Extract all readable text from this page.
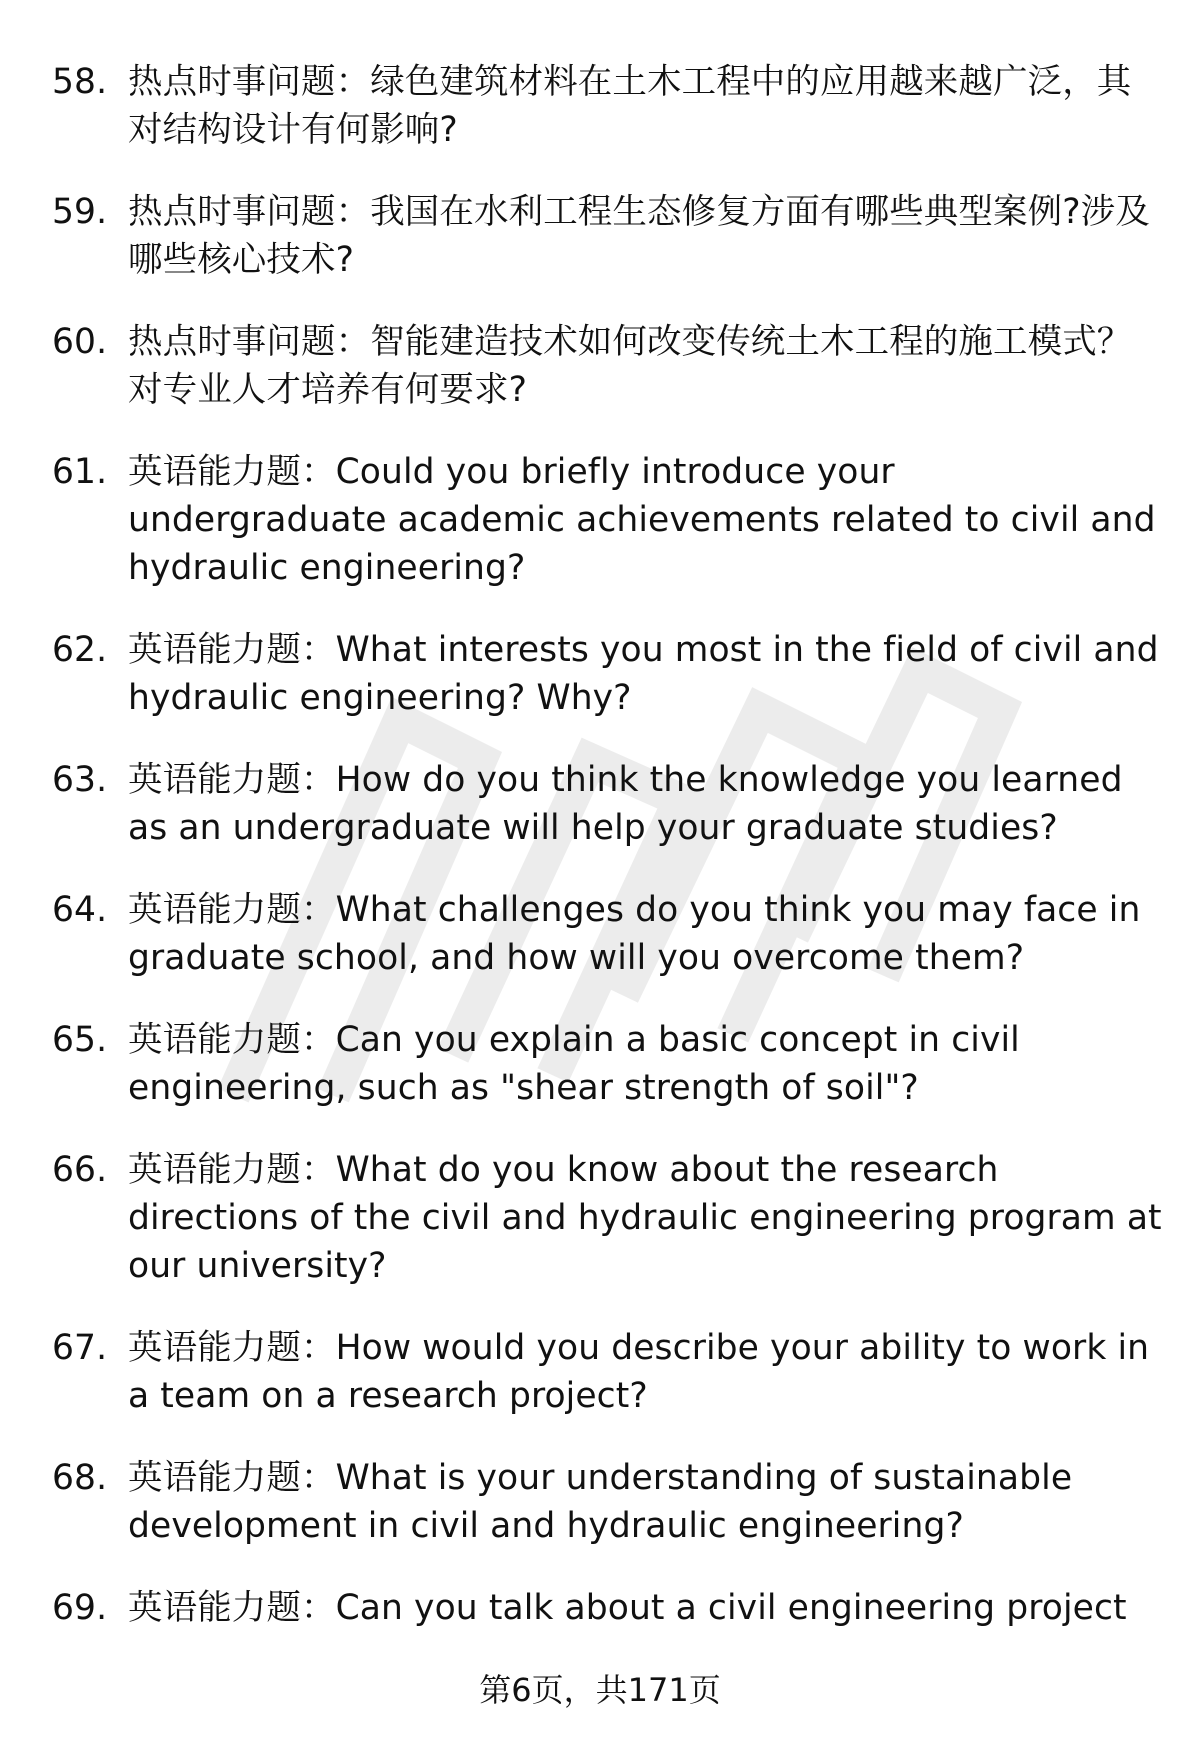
58. 热点时事问题：绿色建筑材料在土木工程中的应用越来越广泛，其对结构设计有何影响?
59. 热点时事问题：我国在水利工程生态修复方面有哪些典型案例?涉及哪些核心技术?
60. 热点时事问题：智能建造技术如何改变传统土木工程的施工模式？对专业人才培养有何要求?
61. 英语能力题：Could you briefly introduce your undergraduate academic achievements related to civil and hydraulic engineering?
62. 英语能力题：What interests you most in the field of civil and hydraulic engineering? Why?
63. 英语能力题：How do you think the knowledge you learned as an undergraduate will help your graduate studies?
64. 英语能力题：What challenges do you think you may face in graduate school, and how will you overcome them?
65. 英语能力题：Can you explain a basic concept in civil engineering, such as "shear strength of soil"?
66. 英语能力题：What do you know about the research directions of the civil and hydraulic engineering program at our university?
67. 英语能力题：How would you describe your ability to work in a team on a research project?
68. 英语能力题：What is your understanding of sustainable development in civil and hydraulic engineering?
69. 英语能力题：Can you talk about a civil engineering project
第6页，共171页
